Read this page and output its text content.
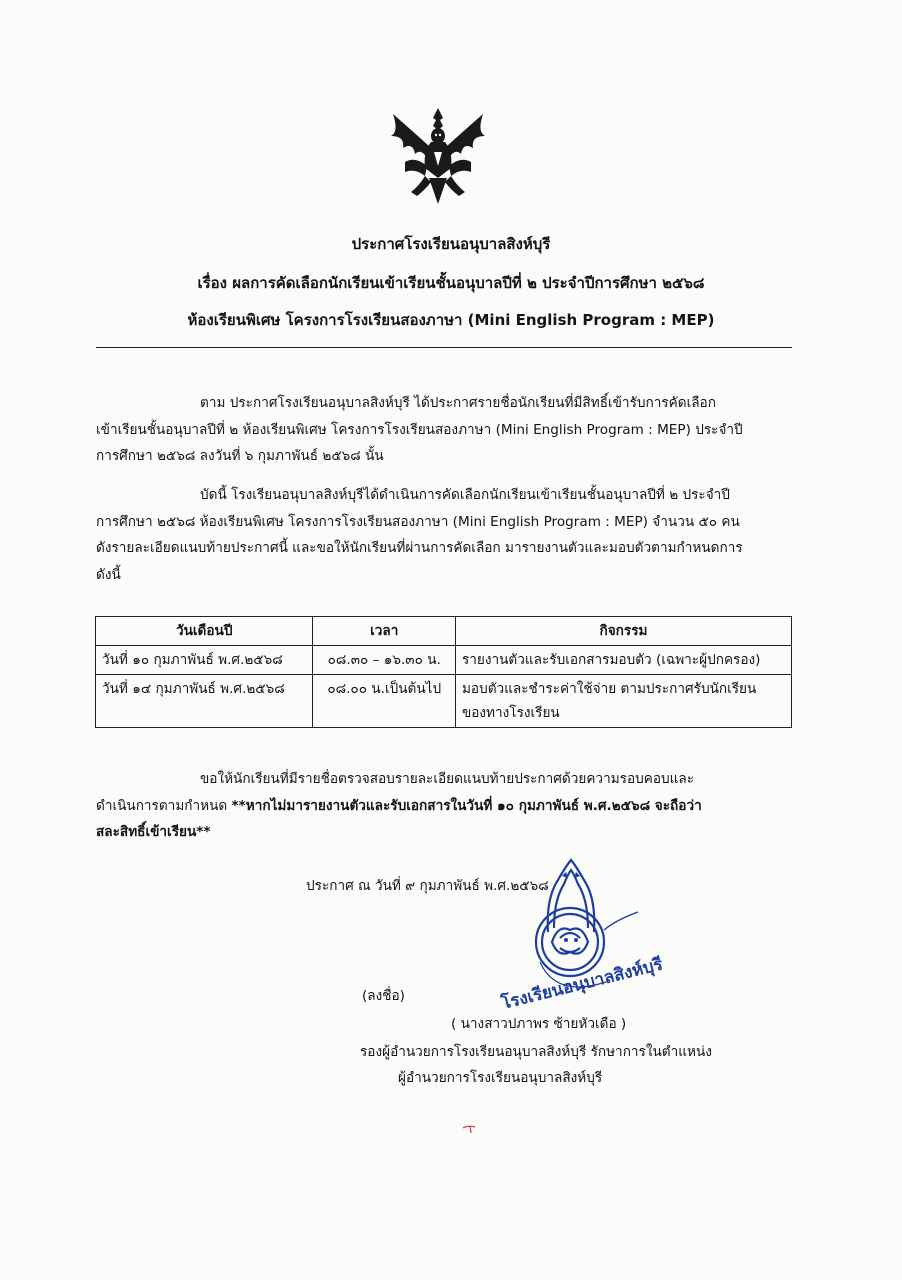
ประกาศโรงเรียนอนุบาลสิงห์บุรี
เรื่อง ผลการคัดเลือกนักเรียนเข้าเรียนชั้นอนุบาลปีที่ ๒ ประจำปีการศึกษา ๒๕๖๘
ห้องเรียนพิเศษ โครงการโรงเรียนสองภาษา (Mini English Program : MEP)
ตาม ประกาศโรงเรียนอนุบาลสิงห์บุรี ได้ประกาศรายชื่อนักเรียนที่มีสิทธิ์เข้ารับการคัดเลือก
เข้าเรียนชั้นอนุบาลปีที่ ๒ ห้องเรียนพิเศษ โครงการโรงเรียนสองภาษา (Mini English Program : MEP) ประจำปี
การศึกษา ๒๕๖๘ ลงวันที่ ๖ กุมภาพันธ์ ๒๕๖๘ นั้น
บัดนี้ โรงเรียนอนุบาลสิงห์บุรีได้ดำเนินการคัดเลือกนักเรียนเข้าเรียนชั้นอนุบาลปีที่ ๒ ประจำปี
การศึกษา ๒๕๖๘ ห้องเรียนพิเศษ โครงการโรงเรียนสองภาษา (Mini English Program : MEP) จำนวน ๕๐ คน
ดังรายละเอียดแนบท้ายประกาศนี้ และขอให้นักเรียนที่ผ่านการคัดเลือก มารายงานตัวและมอบตัวตามกำหนดการ
ดังนี้
วันเดือนปี	เวลา	กิจกรรม
วันที่ ๑๐ กุมภาพันธ์ พ.ศ.๒๕๖๘	๐๘.๓๐ – ๑๖.๓๐ น.	รายงานตัวและรับเอกสารมอบตัว (เฉพาะผู้ปกครอง)

วันที่ ๑๔ กุมภาพันธ์ พ.ศ.๒๕๖๘	๐๘.๐๐ น.เป็นต้นไป	มอบตัวและชำระค่าใช้จ่าย ตามประกาศรับนักเรียน
ของทางโรงเรียน
ขอให้นักเรียนที่มีรายชื่อตรวจสอบรายละเอียดแนบท้ายประกาศด้วยความรอบคอบและ
ดำเนินการตามกำหนด **หากไม่มารายงานตัวและรับเอกสารในวันที่ ๑๐ กุมภาพันธ์ พ.ศ.๒๕๖๘ จะถือว่า
สละสิทธิ์เข้าเรียน**
ประกาศ ณ วันที่ ๙ กุมภาพันธ์ พ.ศ.๒๕๖๘
โรงเรียนอนุบาลสิงห์บุรี
(ลงชื่อ)
( นางสาวปภาพร ซ้ายหัวเดือ )
รองผู้อำนวยการโรงเรียนอนุบาลสิงห์บุรี รักษาการในตำแหน่ง
ผู้อำนวยการโรงเรียนอนุบาลสิงห์บุรี
